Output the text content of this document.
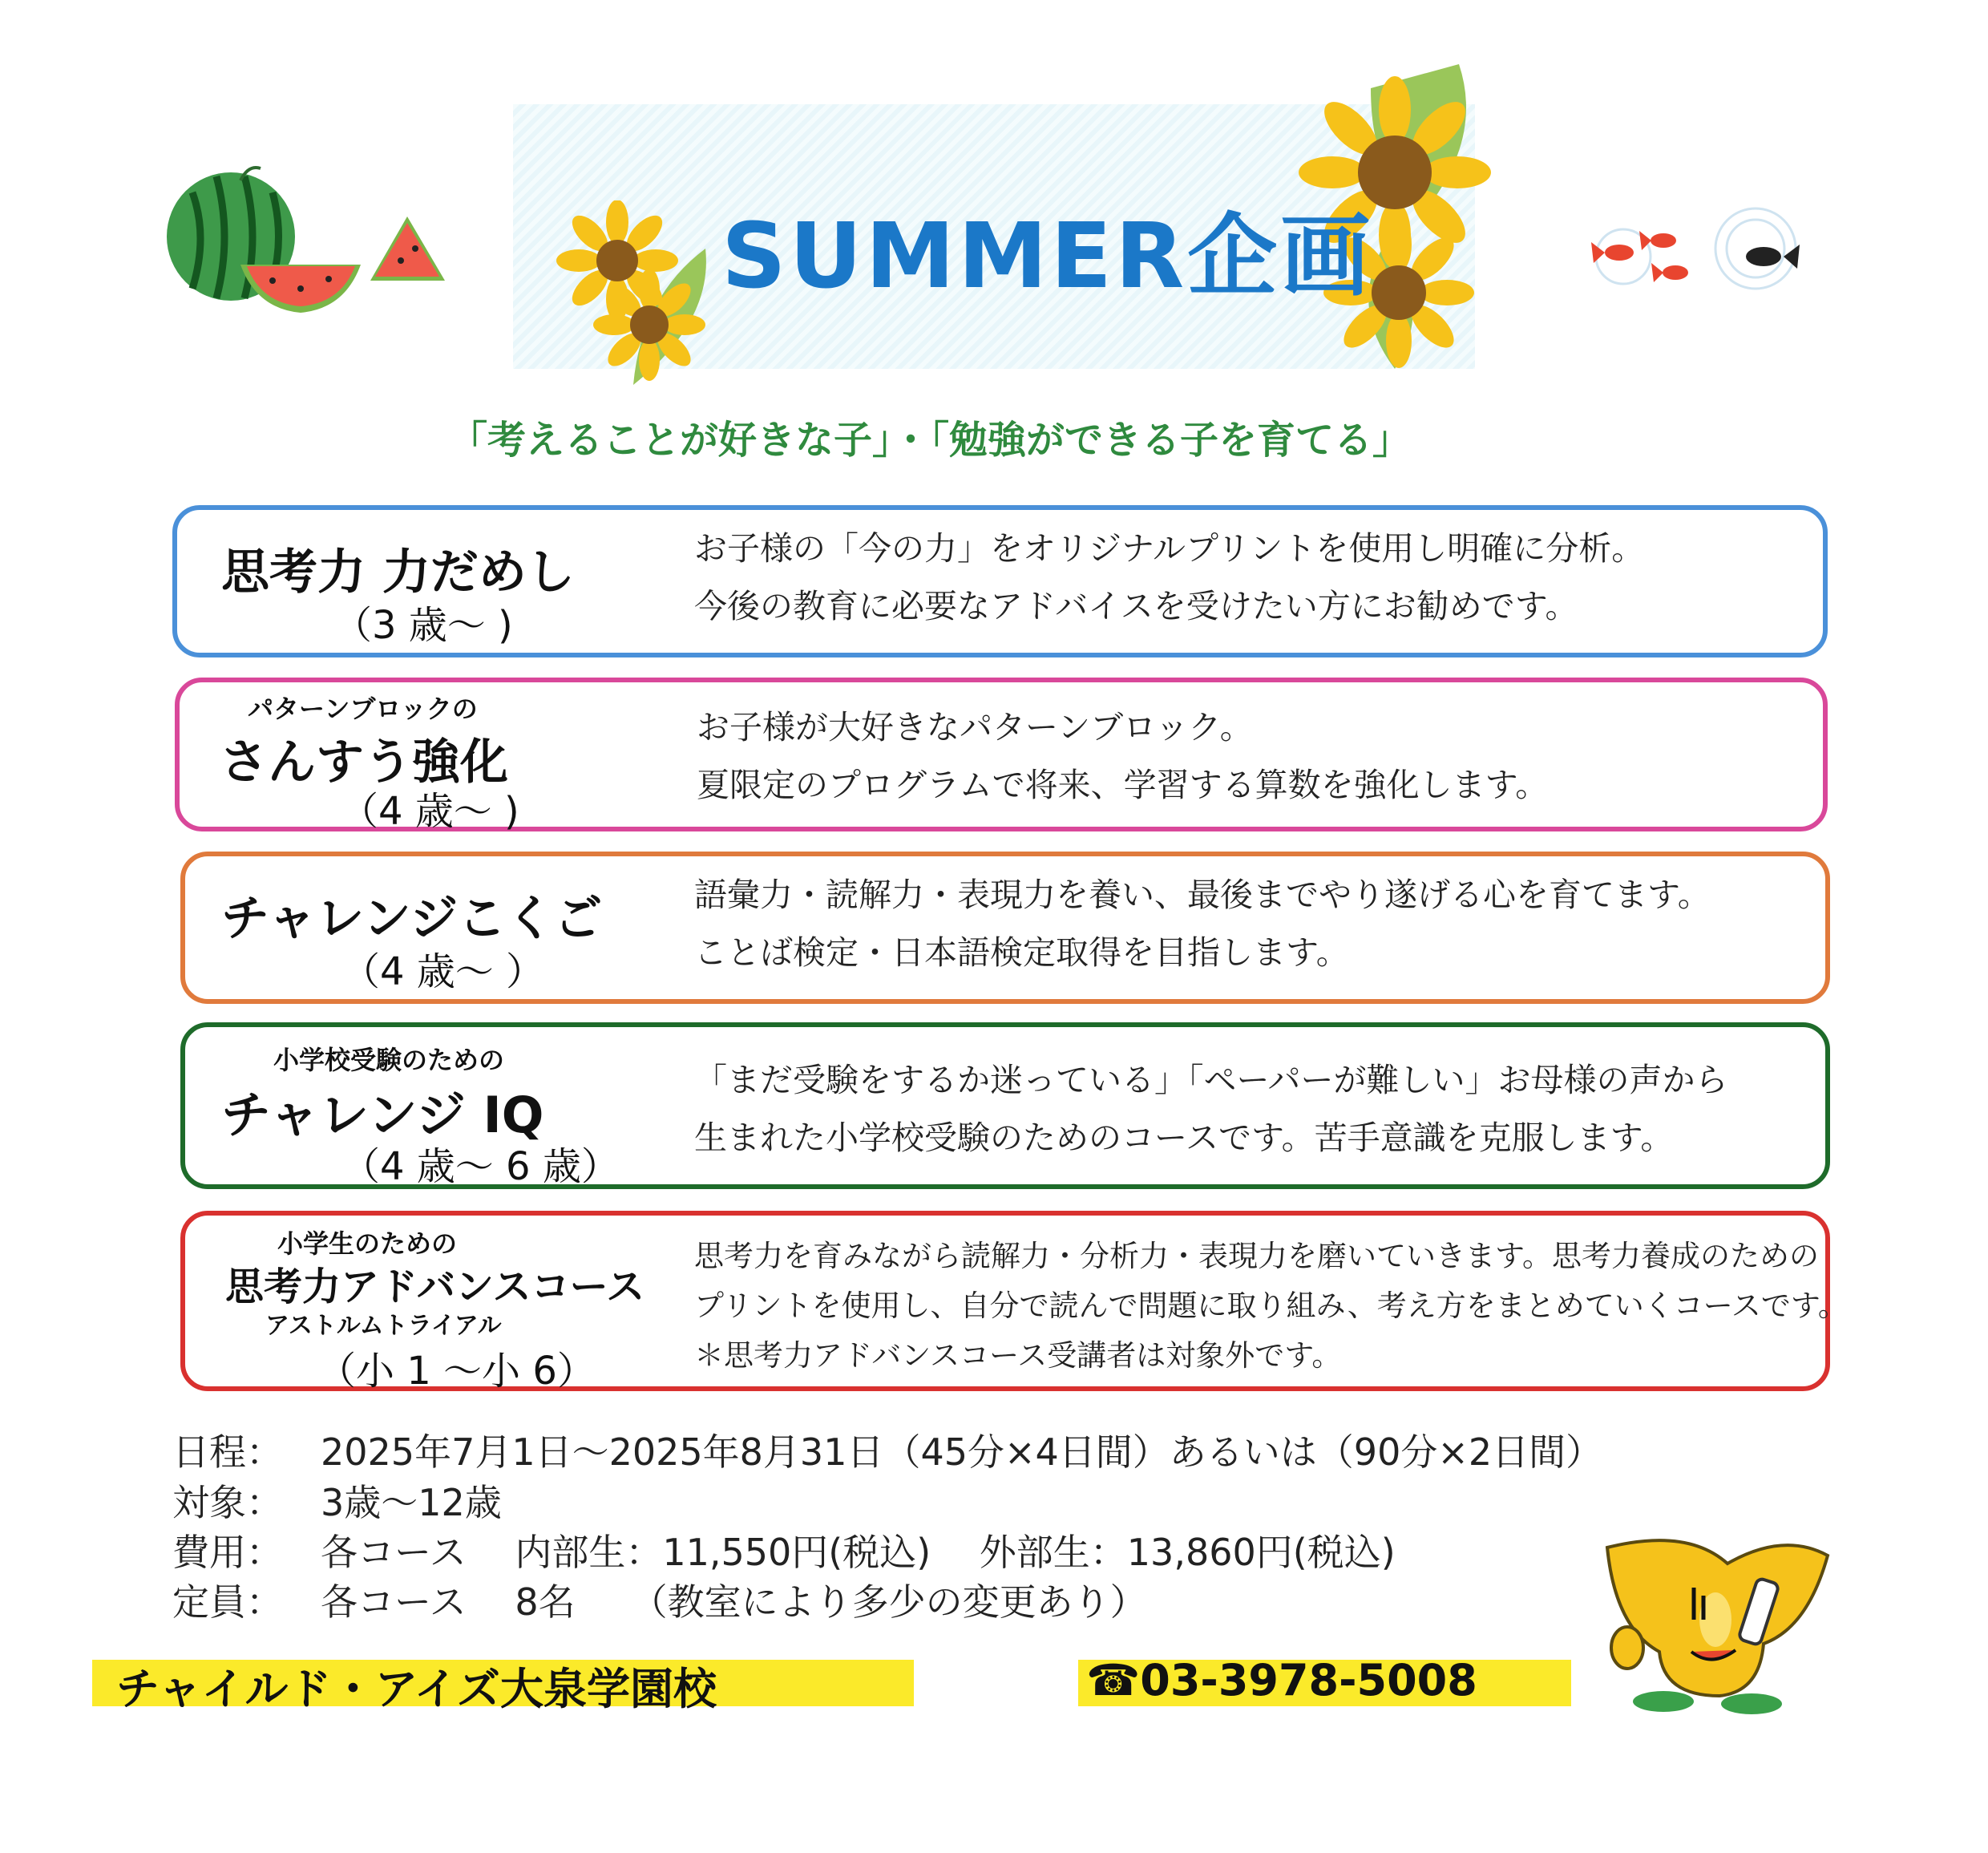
SUMMER企画
「考えることが好きな子」・「勉強ができる子を育てる」
思考力 力だめし
（3 歳～ )
お子様の「今の力」をオリジナルプリントを使用し明確に分析。
今後の教育に必要なアドバイスを受けたい方にお勧めです。
パターンブロックの
さんすう強化
（4 歳～ )
お子様が大好きなパターンブロック。
夏限定のプログラムで将来、学習する算数を強化します。
チャレンジこくご
（4 歳～ ）
語彙力・読解力・表現力を養い、最後までやり遂げる心を育てます。
ことば検定・日本語検定取得を目指します。
小学校受験のための
チャレンジ IQ
（4 歳～ 6 歳）
「まだ受験をするか迷っている」「ペーパーが難しい」お母様の声から
生まれた小学校受験のためのコースです。苦手意識を克服します。
小学生のための
思考力アドバンスコース
アストルムトライアル
（小 1 ～小 6）
思考力を育みながら読解力・分析力・表現力を磨いていきます。思考力養成のための
プリントを使用し、自分で読んで問題に取り組み、考え方をまとめていくコースです。
＊思考力アドバンスコース受講者は対象外です。
日程： 2025年7月1日～2025年8月31日（45分×4日間）あるいは（90分×2日間）
対象： 3歳～12歳
費用： 各コース　 内部生：11,550円(税込)　 外部生：13,860円(税込)
定員： 各コース　 8名　　（教室により多少の変更あり）
チャイルド・アイズ大泉学園校	☎03-3978-5008
